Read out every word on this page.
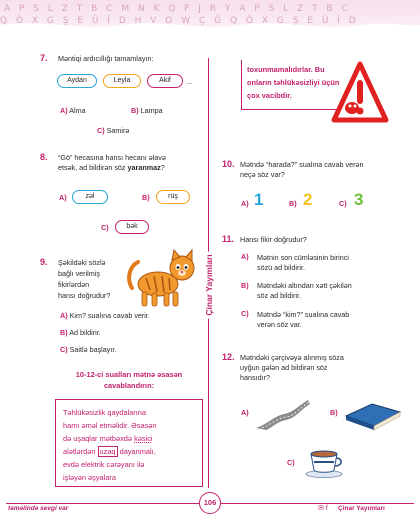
A P S L Z T B C M N K Q F J R Y A P S L Z T B C
Q Ö X G Ş E Ü İ D H V O W Ç Ğ Q Ö X G Ş E Ü İ D
7. Məntiqi ardıcıllığı tamamlayın:
Aydan	Leyla	Akif	...
A) Alma	B) Lampa
C) Samirə
8. “Gö” hecasına hansı hecanı əlavə
etsək, ad bildirən söz yaranmaz?
A)	zəl	B)	rüş
C)	bək
9. Şəkildəki sözlə
bağlı verilmiş
fikirlərdən
hansı doğrudur?
A) Kim? sualına cavab verir.
B) Ad bildirir.
C) Saitlə başlayır.
10-12-ci sualları mətnə əsasən
cavablandırın:
Təhlükəsizlik qaydalarına
hamı əməl etməlidir. Əsasən
də uşaqlar mətbəxdə kəsici
alətlərdən uzaq dayanmalı,
evdə elektrik cərəyanı ilə
işləyən əşyalara
toxunmamalıdırlar. Bu
onların təhlükəsizliyi üçün
çox vacibdir.
Çinar Yayımları
10. Mətndə “harada?” sualına cavab verən
neçə söz var?
A) 1	B) 2	C) 3
11. Hansı fikir doğrudur?
A) Mətnin son cümləsinin birinci
sözü ad bildirir.
B) Mətndəki altından xətt çəkilən
söz ad bildirir.
C) Mətndə “kim?” sualına cavab
verən söz var.
12. Mətndəki çərçivəyə alınmış söza
uyğun gələn ad bildirən söz
hansıdır?
A)	B)
C)
təməlində sevgi var
106
✉ f Çinar Yayımları
